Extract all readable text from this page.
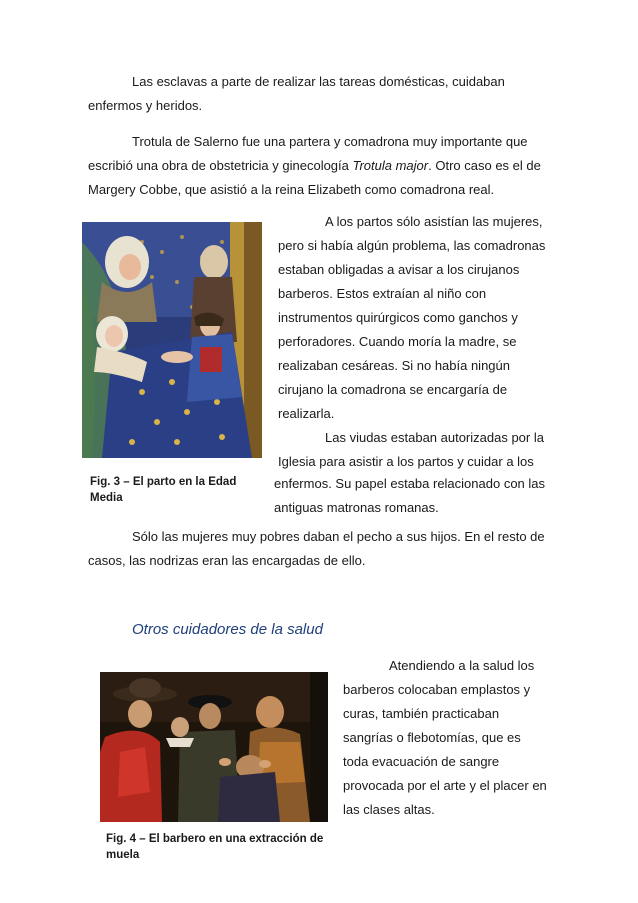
Las esclavas a parte de realizar las tareas domésticas, cuidaban enfermos y heridos.

Trotula de Salerno fue una partera y comadrona muy importante que escribió una obra de obstetricia y ginecología Trotula major. Otro caso es el de Margery Cobbe, que asistió a la reina Elizabeth como comadrona real.

Fig. 3 – El parto en la Edad Media
A los partos sólo asistían las mujeres,
pero si había algún problema, las comadronas
estaban obligadas a avisar a los cirujanos
barberos. Estos extraían al niño con
instrumentos quirúrgicos como ganchos y
perforadores. Cuando moría la madre, se
realizaban cesáreas. Si no había ningún
cirujano la comadrona se encargaría de
realizarla.
Las viudas estaban autorizadas por la
Iglesia para asistir a los partos y cuidar a los
enfermos. Su papel estaba relacionado con las
antiguas matronas romanas.

Sólo las mujeres muy pobres daban el pecho a sus hijos. En el resto de casos, las nodrizas eran las encargadas de ello.

Otros cuidadores de la salud
Fig. 4 – El barbero en una extracción de muela
Atendiendo a la salud los
barberos colocaban emplastos y
curas, también practicaban
sangrías o flebotomías, que es
toda evacuación de sangre
provocada por el arte y el placer en
las clases altas.
